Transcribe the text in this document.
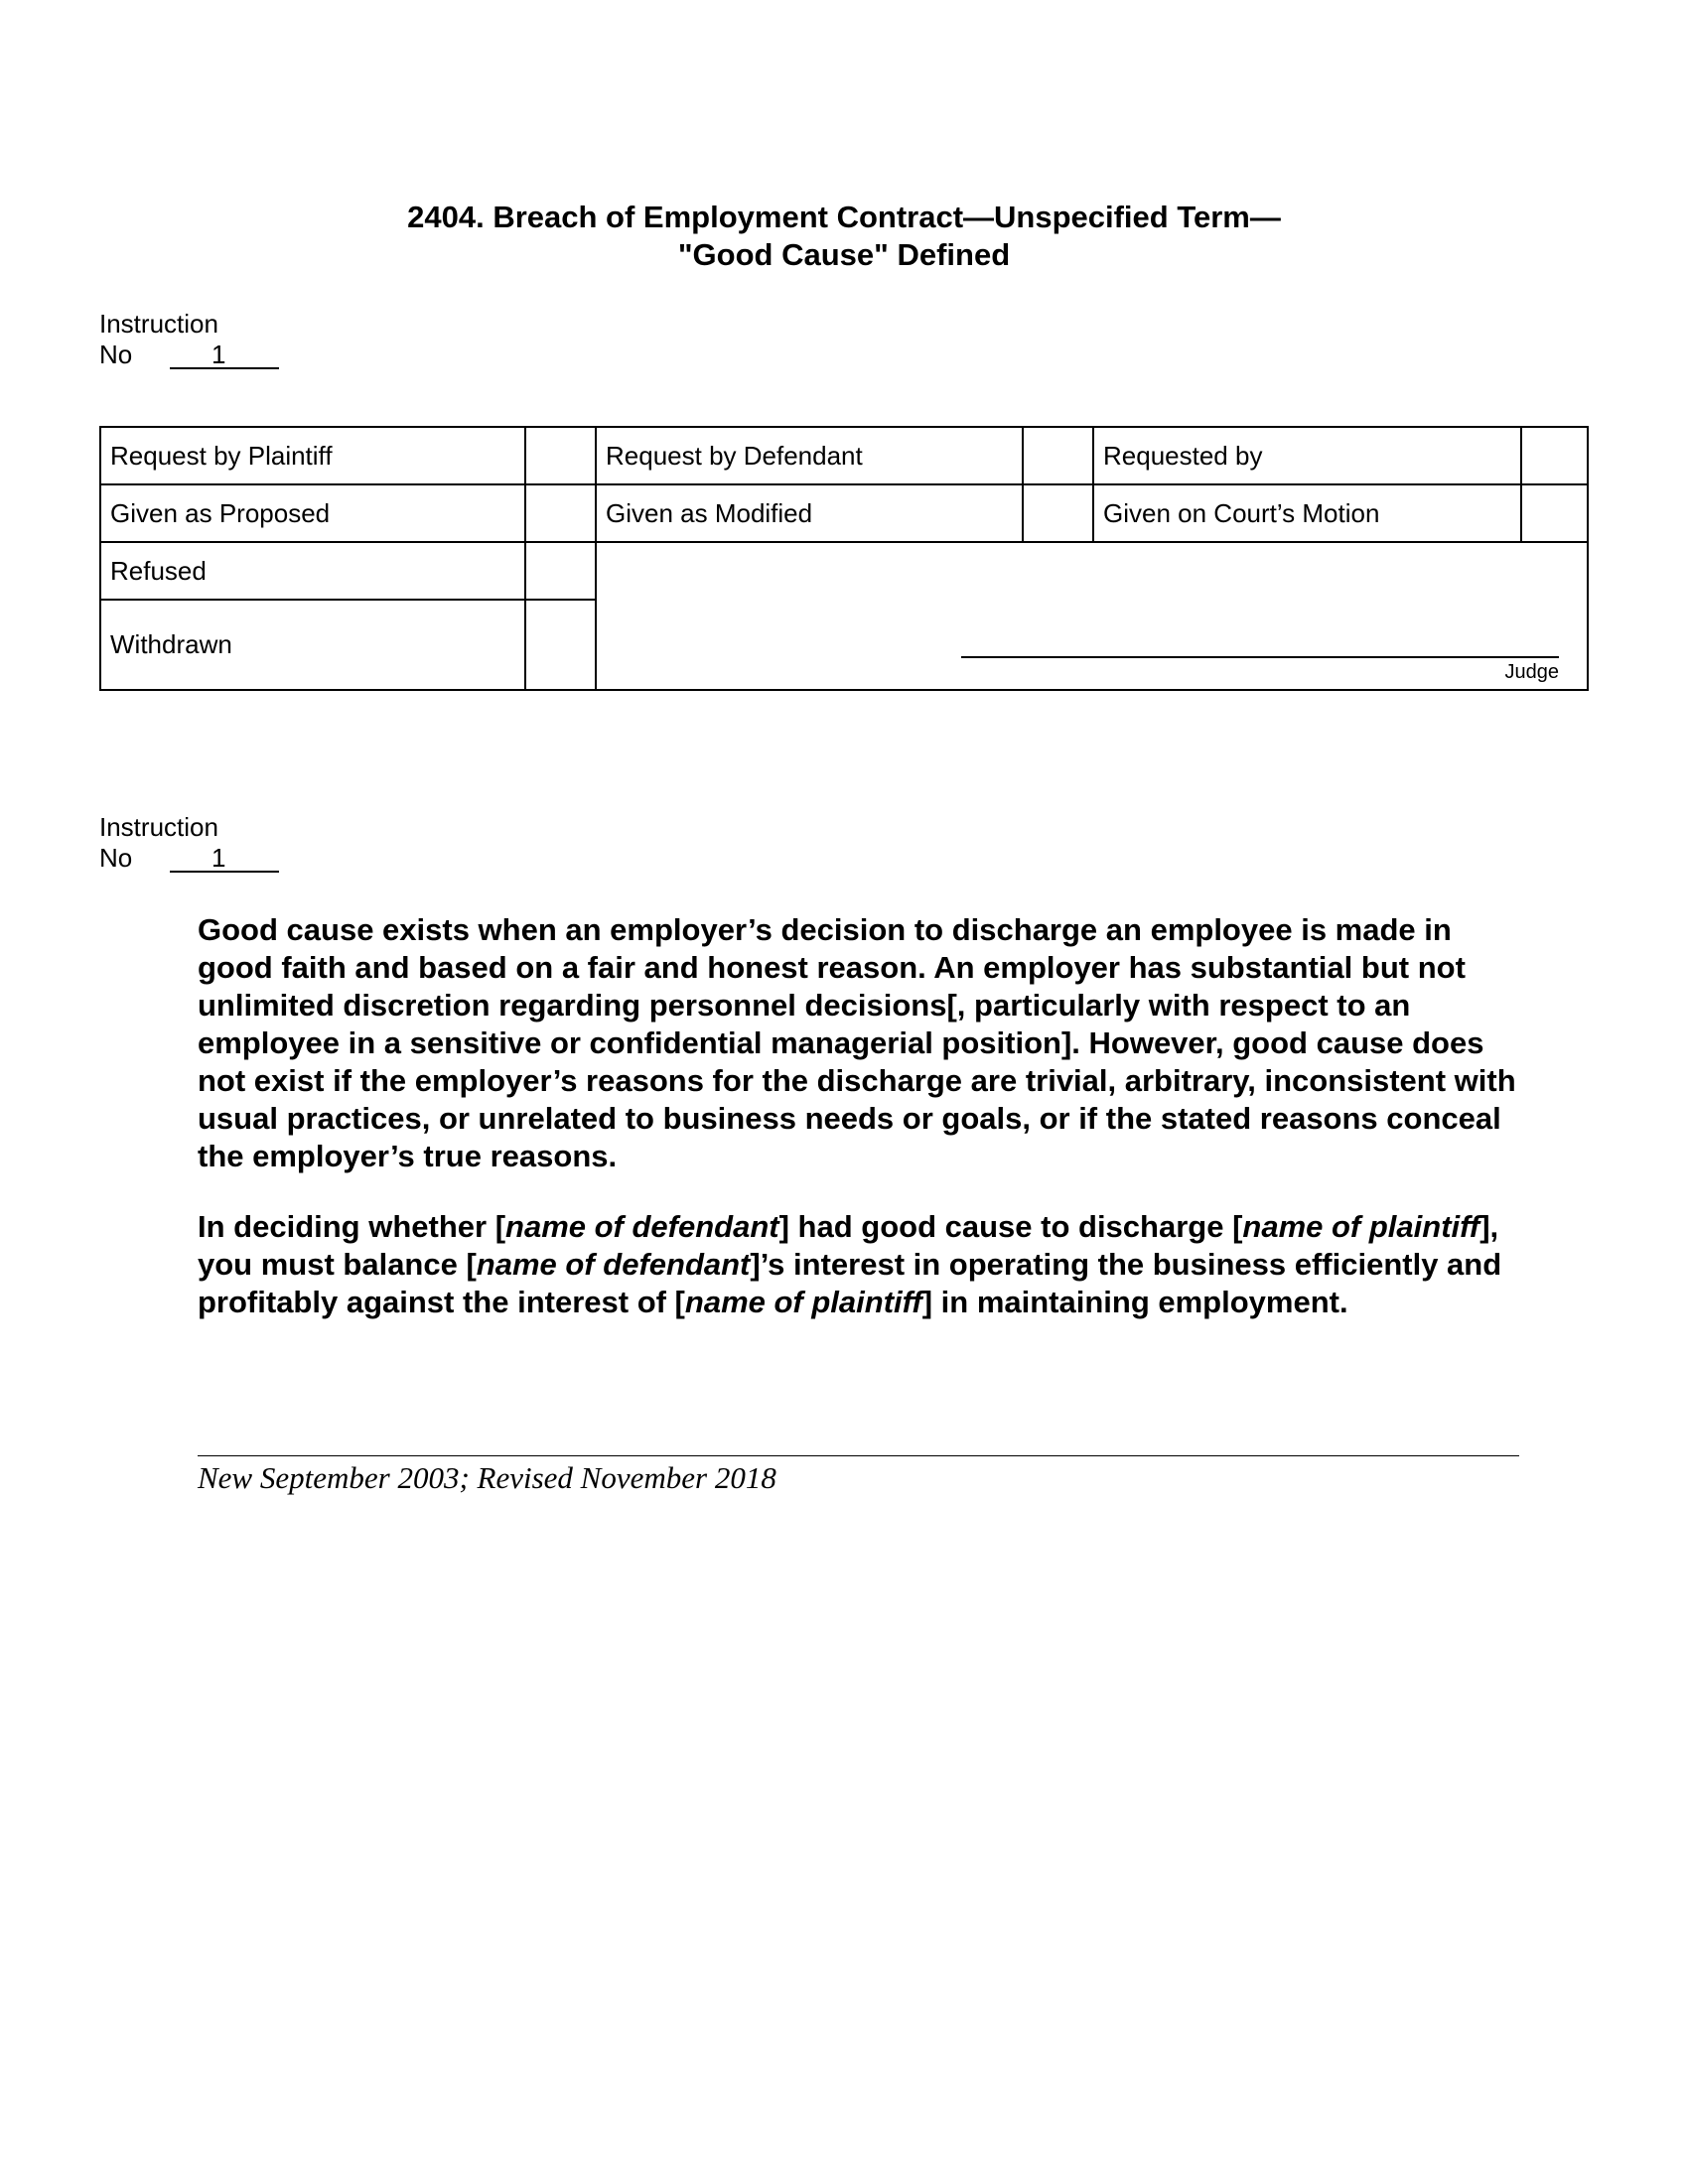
2404. Breach of Employment Contract—Unspecified Term—
"Good Cause" Defined
Instruction
No	1
Request by Plaintiff		Request by Defendant		Requested by	
Given as Proposed		Given as Modified		Given on Court’s Motion	
Refused		Judge			

Withdrawn					
Instruction
No	1

Good cause exists when an employer’s decision to discharge an employee is made in good faith and based on a fair and honest reason. An employer has substantial but not unlimited discretion regarding personnel decisions[, particularly with respect to an employee in a sensitive or confidential managerial position]. However, good cause does not exist if the employer’s reasons for the discharge are trivial, arbitrary, inconsistent with usual practices, or unrelated to business needs or goals, or if the stated reasons conceal the employer’s true reasons.

In deciding whether [name of defendant] had good cause to discharge [name of plaintiff], you must balance [name of defendant]’s interest in operating the business efficiently and profitably against the interest of [name of plaintiff] in maintaining employment.

New September 2003; Revised November 2018
